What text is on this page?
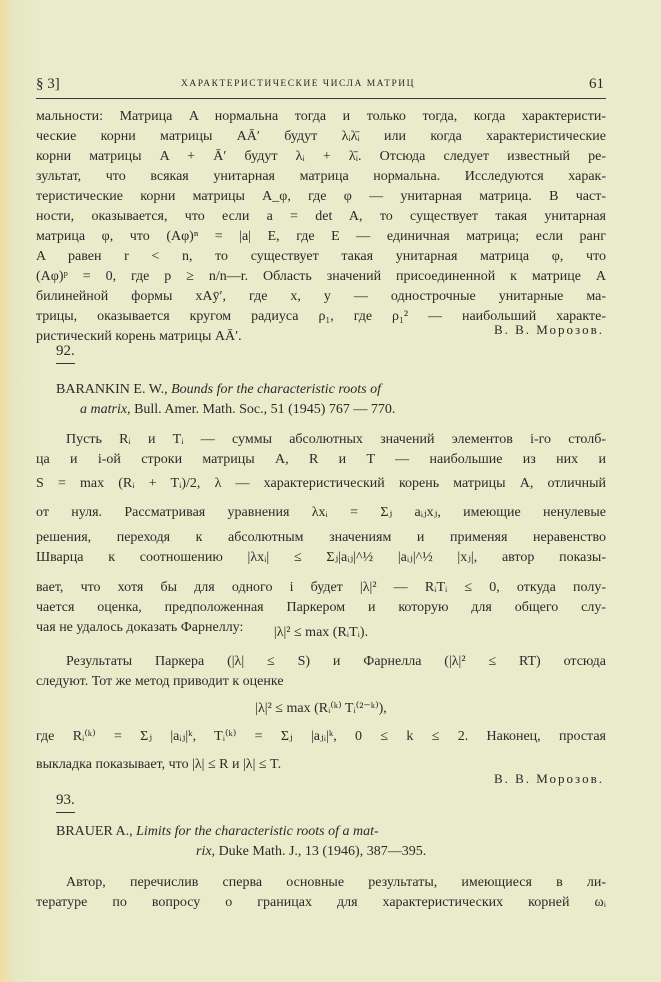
§ 3]	ХАРАКТЕРИСТИЧЕСКИЕ ЧИСЛА МАТРИЦ	61
мальности: Матрица A нормальна тогда и только тогда, когда характеристи-
ческие корни матрицы AĀ′ будут λᵢλ̄ᵢ или когда характеристические
корни матрицы A + Ā′ будут λᵢ + λ̄ᵢ. Отсюда следует известный ре-
зультат, что всякая унитарная матрица нормальна. Исследуются харак-
теристические корни матрицы A_φ, где φ — унитарная матрица. В част-
ности, оказывается, что если a = det A, то существует такая унитарная
матрица φ, что (Aφ)ⁿ = |a| E, где E — единичная матрица; если ранг
A равен r < n, то существует такая унитарная матрица φ, что
(Aφ)ᵖ = 0, где p ≥ n/n—r. Область значений присоединенной к матрице A
билинейной формы xAȳ′, где x, y — однострочные унитарные ма-
трицы, оказывается кругом радиуса ρ₁, где ρ₁² — наибольший характе-
ристический корень матрицы AĀ′.	В. В. Морозов.
92.
BARANKIN E. W., Bounds for the characteristic roots of
a matrix, Bull. Amer. Math. Soc., 51 (1945) 767 — 770.
Пусть Rᵢ и Tᵢ — суммы абсолютных значений элементов i-го столб-
ца и i-ой строки матрицы A, R и T — наибольшие из них и
S = max (Rᵢ + Tᵢ)/2, λ — характеристический корень матрицы A, отличный
от нуля. Рассматривая уравнения λxᵢ = Σⱼ aᵢⱼxⱼ, имеющие ненулевые
решения, переходя к абсолютным значениям и применяя неравенство
Шварца к соотношению |λxᵢ| ≤ Σⱼ|aᵢⱼ|^½ |aᵢⱼ|^½ |xⱼ|, автор показы-
вает, что хотя бы для одного i будет |λ|² — RᵢTᵢ ≤ 0, откуда полу-
чается оценка, предположенная Паркером и которую для общего слу-
чая не удалось доказать Фарнеллу:	|λ|² ≤ max (RᵢTᵢ).
Результаты Паркера (|λ| ≤ S) и Фарнелла (|λ|² ≤ RT) отсюда
следуют. Тот же метод приводит к оценке
|λ|² ≤ max (Rᵢ⁽ᵏ⁾ Tᵢ⁽²⁻ᵏ⁾),
где Rᵢ⁽ᵏ⁾ = Σⱼ |aᵢⱼ|ᵏ, Tᵢ⁽ᵏ⁾ = Σⱼ |aⱼᵢ|ᵏ, 0 ≤ k ≤ 2. Наконец, простая
выкладка показывает, что |λ| ≤ R и |λ| ≤ T.
В. В. Морозов.
93.
BRAUER A., Limits for the characteristic roots of a mat-
rix, Duke Math. J., 13 (1946), 387—395.
Автор, перечислив сперва основные результаты, имеющиеся в ли-
тературе по вопросу о границах для характеристических корней ωᵢ
